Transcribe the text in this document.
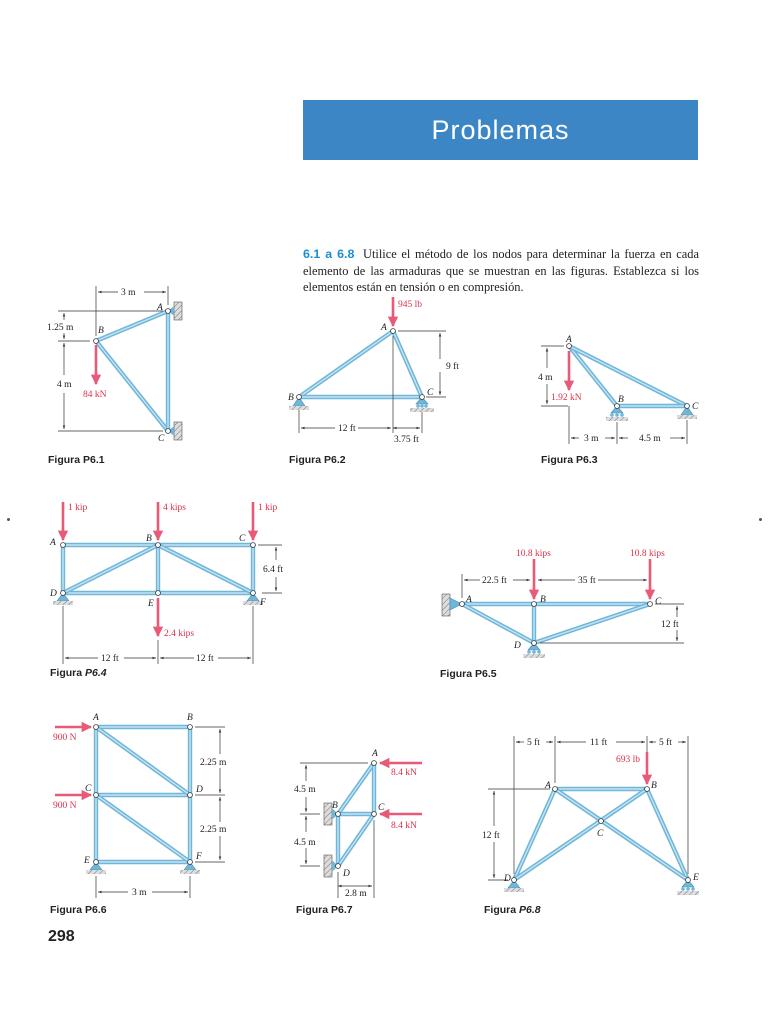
Problemas
6.1 a 6.8 Utilice el método de los nodos para determinar la fuerza en cada elemento de las armaduras que se muestran en las figuras. Establezca si los elementos están en tensión o en compresión.
3 m
1.25 m
4 m
84 kN
A
B
C
9 ft
12 ft
3.75 ft
945 lb
A
B	C
4 m
3 m	4.5 m
1.92 kN
A
B
C
6.4 ft
12 ft	12 ft
1 kip	4 kips	1 kip
2.4 kips
A	B	C
D
E	F
22.5 ft	35 ft
12 ft
10.8 kips	10.8 kips
A	B	C
D
2.25 m
2.25 m
3 m
900 N
900 N
A	B
C	D
E	F
4.5 m
4.5 m
2.8 m
8.4 kN
8.4 kN
A
B	C
D
5 ft	11 ft	5 ft
12 ft
693 lb
A	B
C
D	E
Figura P6.1	Figura P6.2	Figura P6.3
Figura P6.4	Figura P6.5
Figura P6.6	Figura P6.7	Figura P6.8
298
